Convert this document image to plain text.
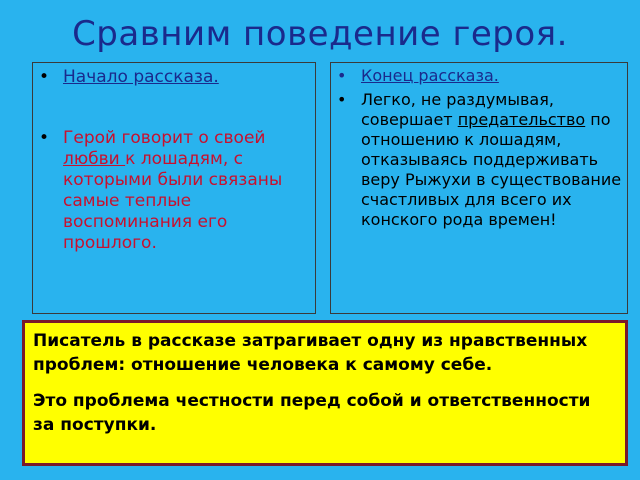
Сравним поведение героя.
• Начало рассказа.
• Герой говорит о своей любви к лошадям, с которыми были связаны самые теплые воспоминания его прошлого.
• Конец рассказа.
• Легко, не раздумывая, совершает предательство по отношению к лошадям, отказываясь поддерживать веру Рыжухи в существование счастливых для всего их конского рода времен!

Писатель в рассказе затрагивает одну из нравственных проблем: отношение человека к самому себе.

Это проблема честности перед собой и ответственности за поступки.
